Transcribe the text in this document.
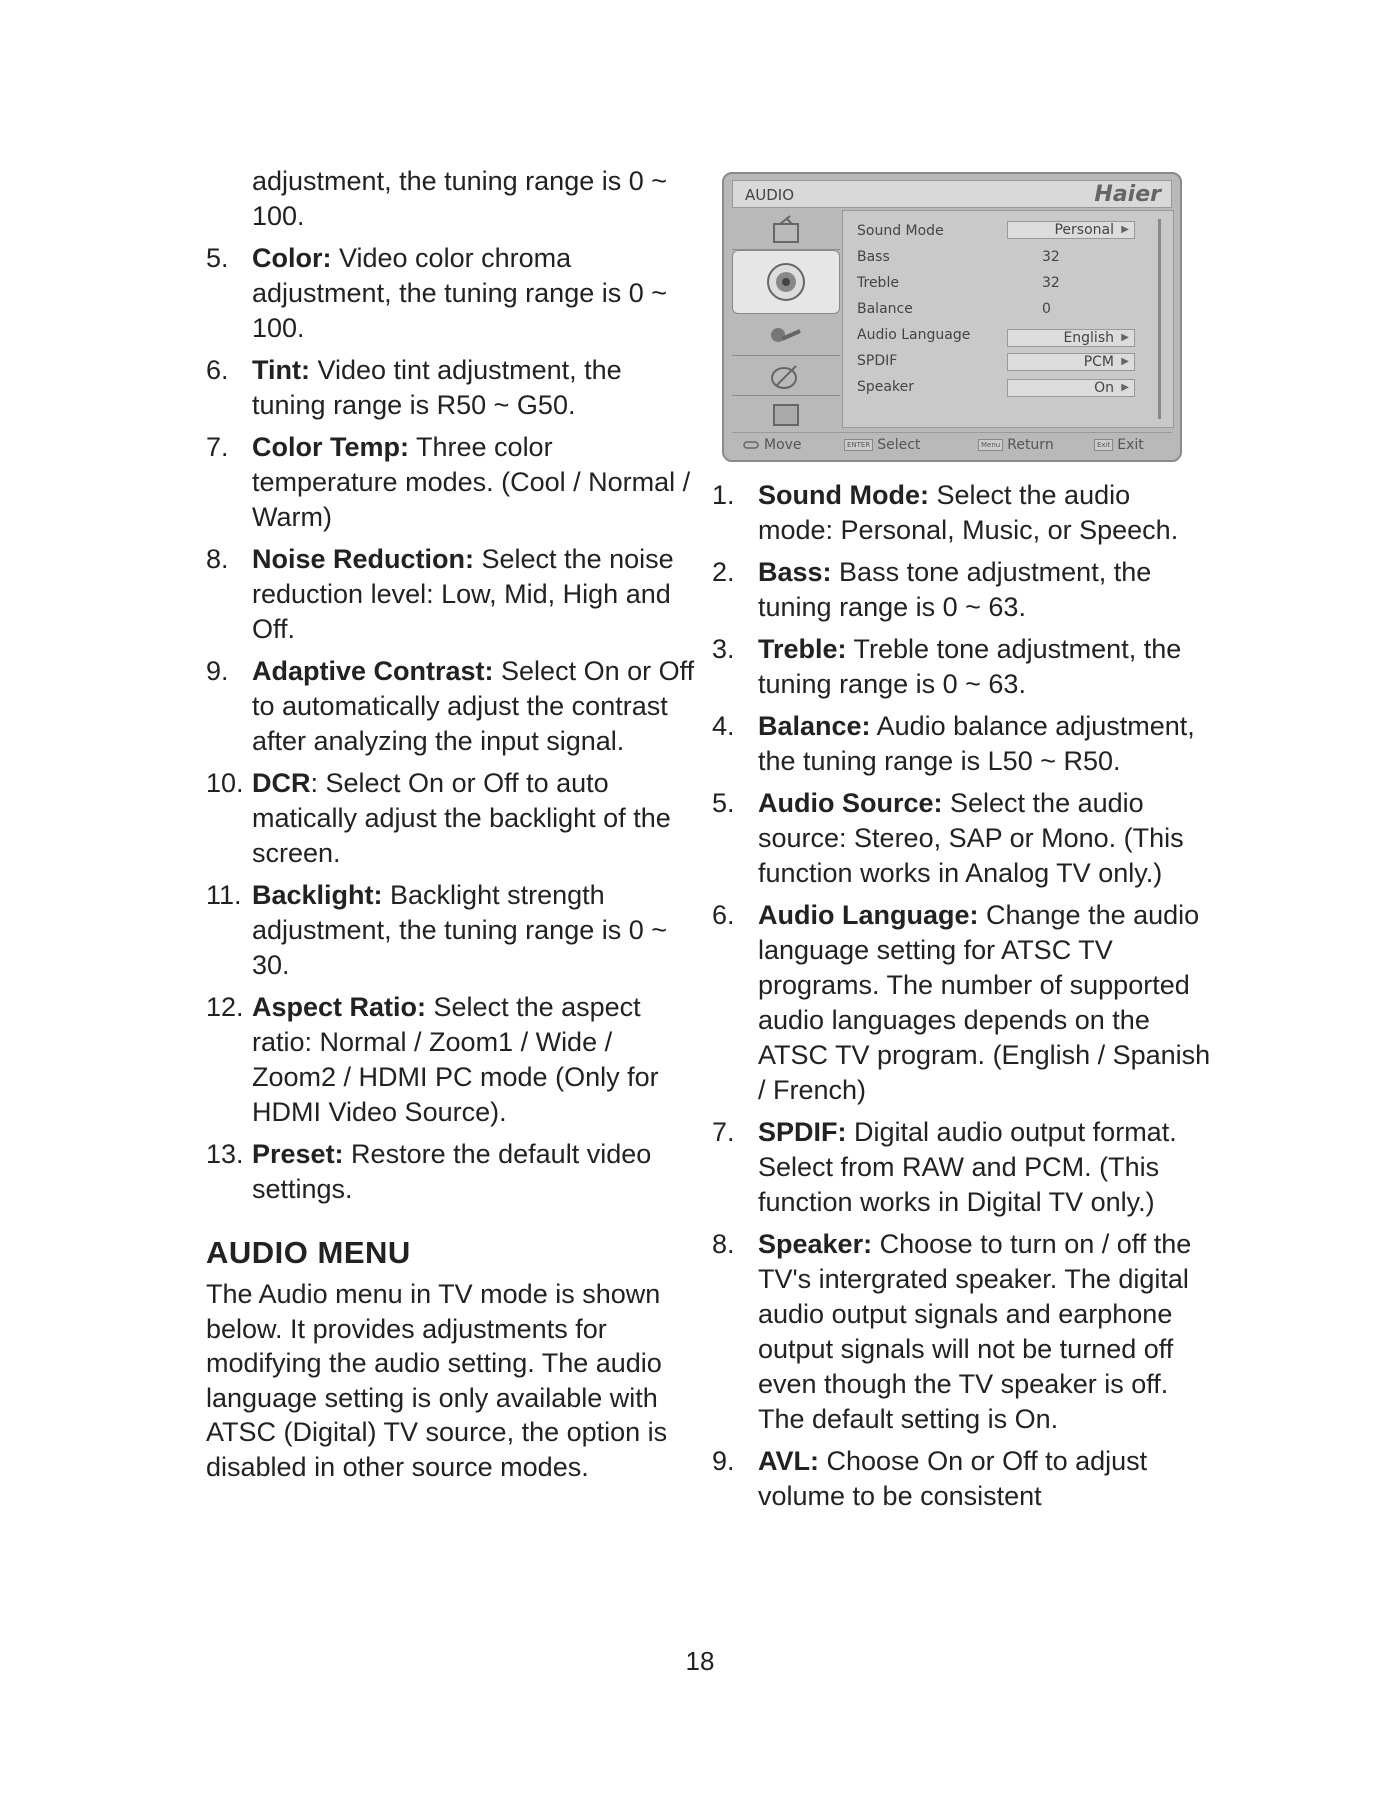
adjustment, the tuning range is 0 ~ 100.
5. Color: Video color chroma adjustment, the tuning range is 0 ~ 100.
6. Tint: Video tint adjustment, the tuning range is R50 ~ G50.
7. Color Temp: Three color temperature modes. (Cool / Normal / Warm)
8. Noise Reduction: Select the noise reduction level: Low, Mid, High and Off.
9. Adaptive Contrast: Select On or Off to automatically adjust the contrast after analyzing the input signal.
10. DCR: Select On or Off to auto matically adjust the backlight of the screen.
11. Backlight: Backlight strength adjustment, the tuning range is 0 ~ 30.
12. Aspect Ratio: Select the aspect ratio: Normal / Zoom1 / Wide / Zoom2 / HDMI PC mode (Only for HDMI Video Source).
13. Preset: Restore the default video settings.
AUDIO MENU
The Audio menu in TV mode is shown below. It provides adjustments for modifying the audio setting. The audio language setting is only available with ATSC (Digital) TV source, the option is disabled in other source modes.
AUDIO	Haier
Sound Mode	Personal ▶
Bass	32
Treble	32
Balance	0
Audio Language	English ▶
SPDIF	PCM ▶
Speaker	On ▶
Move	ENTER Select	Menu Return	Exit Exit
1. Sound Mode: Select the audio mode: Personal, Music, or Speech.
2. Bass: Bass tone adjustment, the tuning range is 0 ~ 63.
3. Treble: Treble tone adjustment, the tuning range is 0 ~ 63.
4. Balance: Audio balance adjustment, the tuning range is L50 ~ R50.
5. Audio Source: Select the audio source: Stereo, SAP or Mono. (This function works in Analog TV only.)
6. Audio Language: Change the audio language setting for ATSC TV programs. The number of supported audio languages depends on the ATSC TV program. (English / Spanish / French)
7. SPDIF: Digital audio output format. Select from RAW and PCM. (This function works in Digital TV only.)
8. Speaker: Choose to turn on / off the TV's intergrated speaker. The digital audio output signals and earphone output signals will not be turned off even though the TV speaker is off. The default setting is On.
9. AVL: Choose On or Off to adjust volume to be consistent
18
